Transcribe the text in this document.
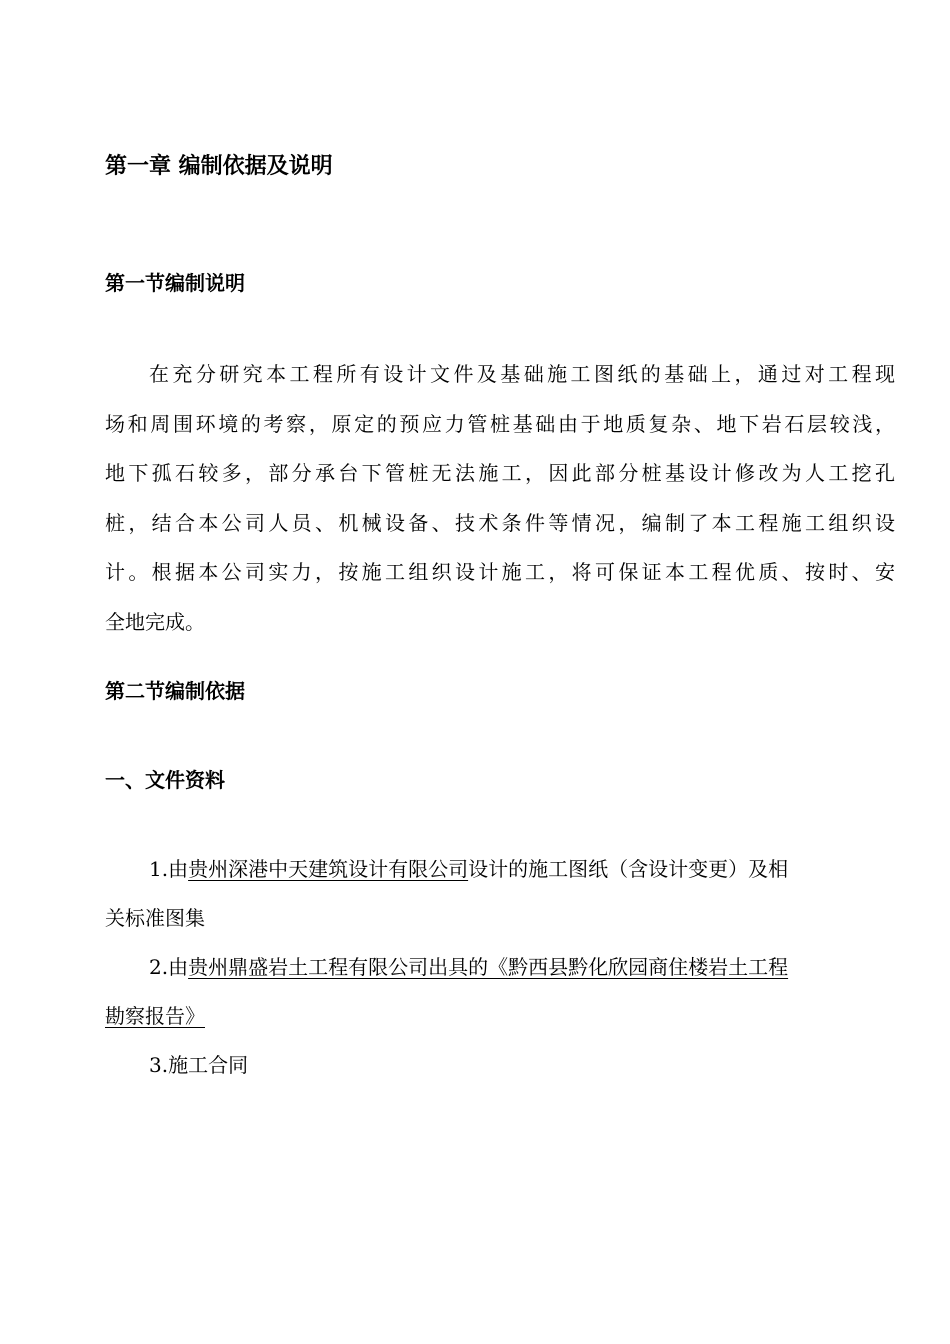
第一章 编制依据及说明
第一节编制说明
在充分研究本工程所有设计文件及基础施工图纸的基础上，通过对工程现
场和周围环境的考察，原定的预应力管桩基础由于地质复杂、地下岩石层较浅，
地下孤石较多，部分承台下管桩无法施工，因此部分桩基设计修改为人工挖孔
桩，结合本公司人员、机械设备、技术条件等情况，编制了本工程施工组织设
计。根据本公司实力，按施工组织设计施工，将可保证本工程优质、按时、安
全地完成。
第二节编制依据
一、文件资料
1.由贵州深港中天建筑设计有限公司设计的施工图纸（含设计变更）及相
关标准图集
2.由贵州鼎盛岩土工程有限公司出具的《黔西县黔化欣园商住楼岩土工程
勘察报告》
3.施工合同
